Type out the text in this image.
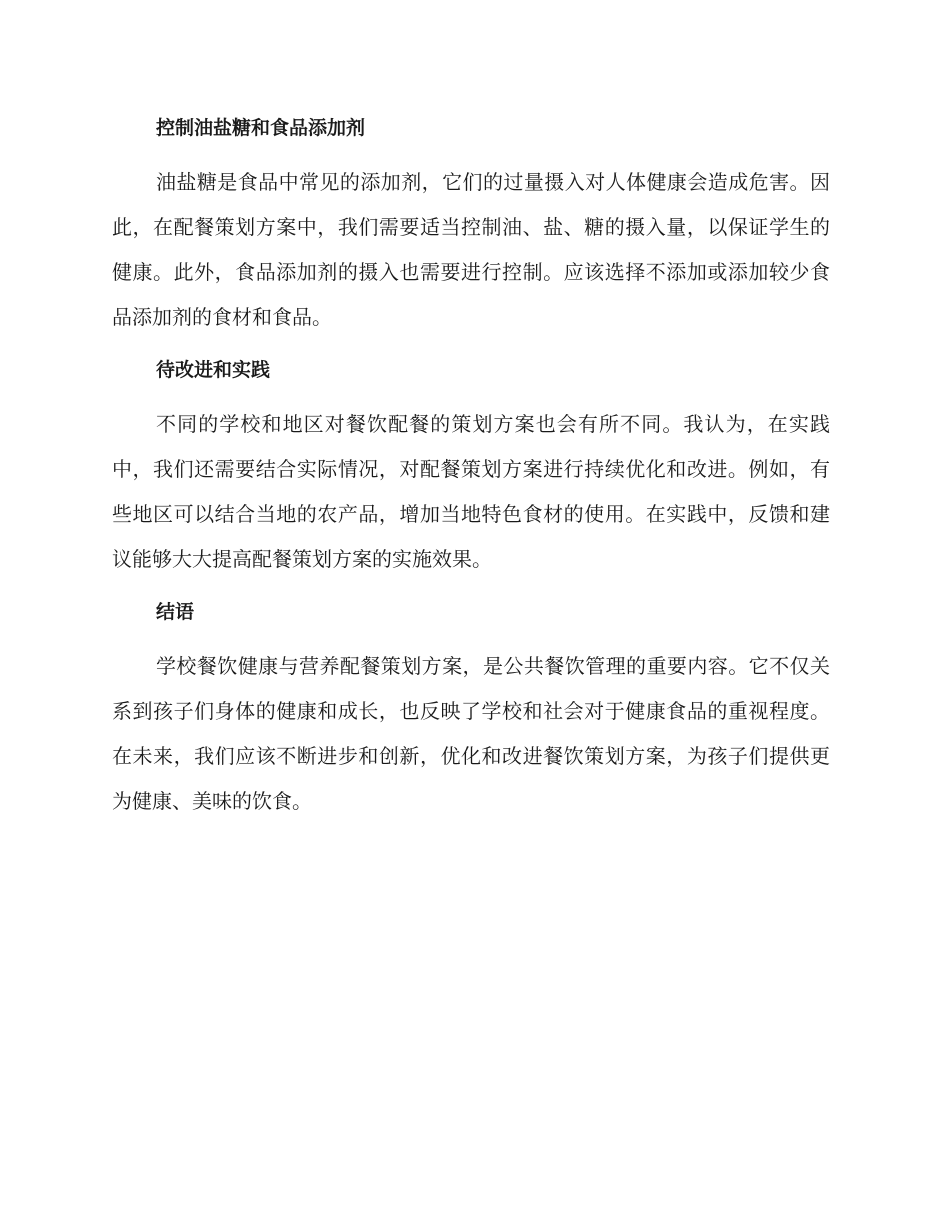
控制油盐糖和食品添加剂

油盐糖是食品中常见的添加剂，它们的过量摄入对人体健康会造成危害。因此，在配餐策划方案中，我们需要适当控制油、盐、糖的摄入量，以保证学生的健康。此外，食品添加剂的摄入也需要进行控制。应该选择不添加或添加较少食品添加剂的食材和食品。

待改进和实践

不同的学校和地区对餐饮配餐的策划方案也会有所不同。我认为，在实践中，我们还需要结合实际情况，对配餐策划方案进行持续优化和改进。例如，有些地区可以结合当地的农产品，增加当地特色食材的使用。在实践中，反馈和建议能够大大提高配餐策划方案的实施效果。

结语

学校餐饮健康与营养配餐策划方案，是公共餐饮管理的重要内容。它不仅关系到孩子们身体的健康和成长，也反映了学校和社会对于健康食品的重视程度。在未来，我们应该不断进步和创新，优化和改进餐饮策划方案，为孩子们提供更为健康、美味的饮食。
